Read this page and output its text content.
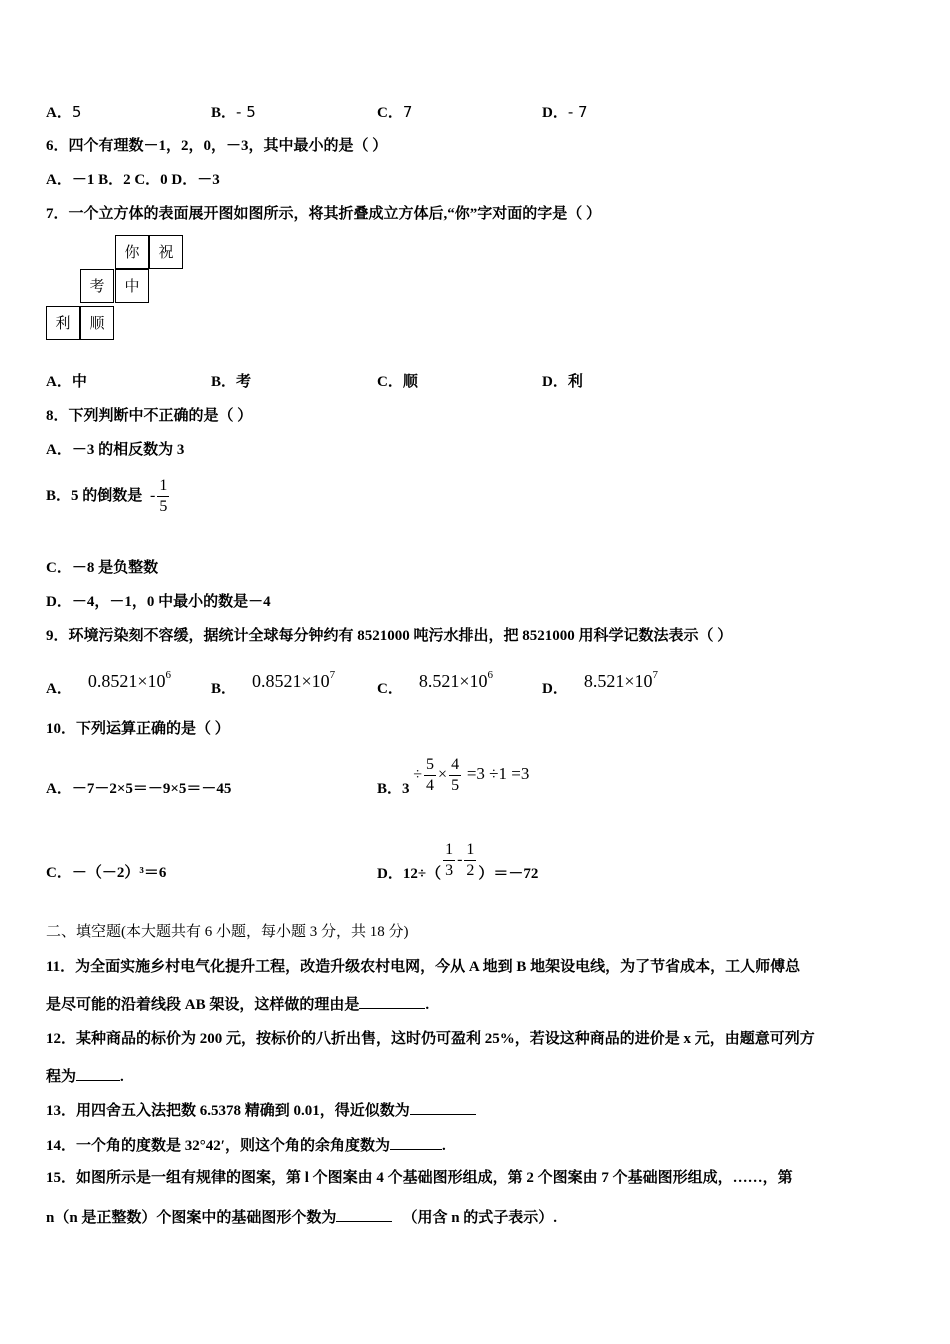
A．5	B．- 5	C．7	D．- 7
6．四个有理数－1，2，0，－3，其中最小的是（ ）
A．－1 B．2 C．0 D．－3
7．一个立方体的表面展开图如图所示，将其折叠成立方体后,“你”字对面的字是（ ）
你	祝
考	中
利	顺
A．中	B．考	C．顺	D．利
8．下列判断中不正确的是（ ）
A．－3 的相反数为 3
B．5 的倒数是 - $\frac{1}{5}$
C．－8 是负整数
D．－4，－1，0 中最小的数是－4
9．环境污染刻不容缓，据统计全球每分钟约有 8521000 吨污水排出，把 8521000 用科学记数法表示（ ）
A． $0.8521\times 10^6$
B． $0.8521\times 10^7$
C． $8.521\times 10^6$
D． $8.521\times 10^7$
10．下列运算正确的是（ ）
A．－7－2×5＝－9×5＝－45	B．$3 \div \frac{5}{4} \times \frac{4}{5} =3 \div 1 =3$
C．－（－2）³＝6	D．$12\div( \frac{1}{3} - \frac{1}{2} )=-72$
二、填空题(本大题共有 6 小题，每小题 3 分，共 18 分)
11．为全面实施乡村电气化提升工程，改造升级农村电网，今从 A 地到 B 地架设电线，为了节省成本，工人师傅总
是尽可能的沿着线段 AB 架设，这样做的理由是	.
12．某种商品的标价为 200 元，按标价的八折出售，这时仍可盈利 25%，若设这种商品的进价是 x 元，由题意可列方
程为	.
13．用四舍五入法把数 6.5378 精确到 0.01，得近似数为
14．一个角的度数是 32°42′，则这个角的余角度数为	.
15．如图所示是一组有规律的图案，第 l 个图案由 4 个基础图形组成，第 2 个图案由 7 个基础图形组成，……，第
n（n 是正整数）个图案中的基础图形个数为	（用含 n 的式子表示）.
